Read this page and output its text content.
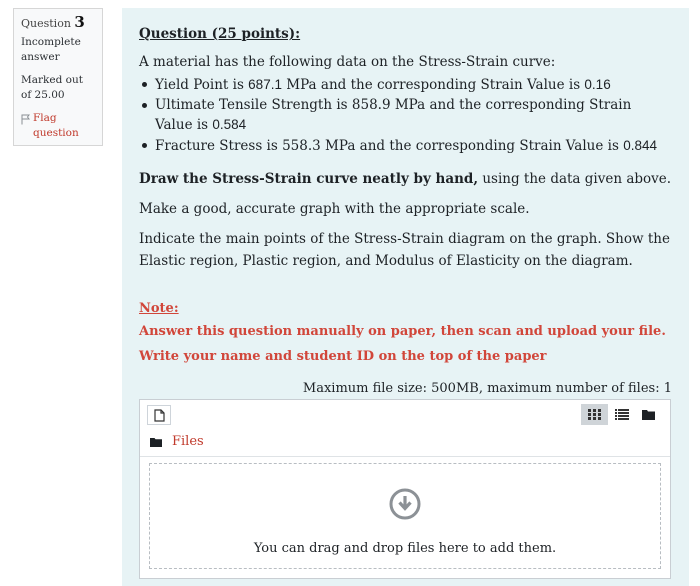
Question 3
Incomplete answer
Marked out of 25.00
Flag question
Question (25 points):
A material has the following data on the Stress-Strain curve:
Yield Point is 687.1 MPa and the corresponding Strain Value is 0.16
Ultimate Tensile Strength is 858.9 MPa and the corresponding Strain Value is 0.584
Fracture Stress is 558.3 MPa and the corresponding Strain Value is 0.844
Draw the Stress-Strain curve neatly by hand, using the data given above.
Make a good, accurate graph with the appropriate scale.
Indicate the main points of the Stress-Strain diagram on the graph. Show the Elastic region, Plastic region, and Modulus of Elasticity on the diagram.
Note:
Answer this question manually on paper, then scan and upload your file.
Write your name and student ID on the top of the paper
Maximum file size: 500MB, maximum number of files: 1
Files
You can drag and drop files here to add them.
